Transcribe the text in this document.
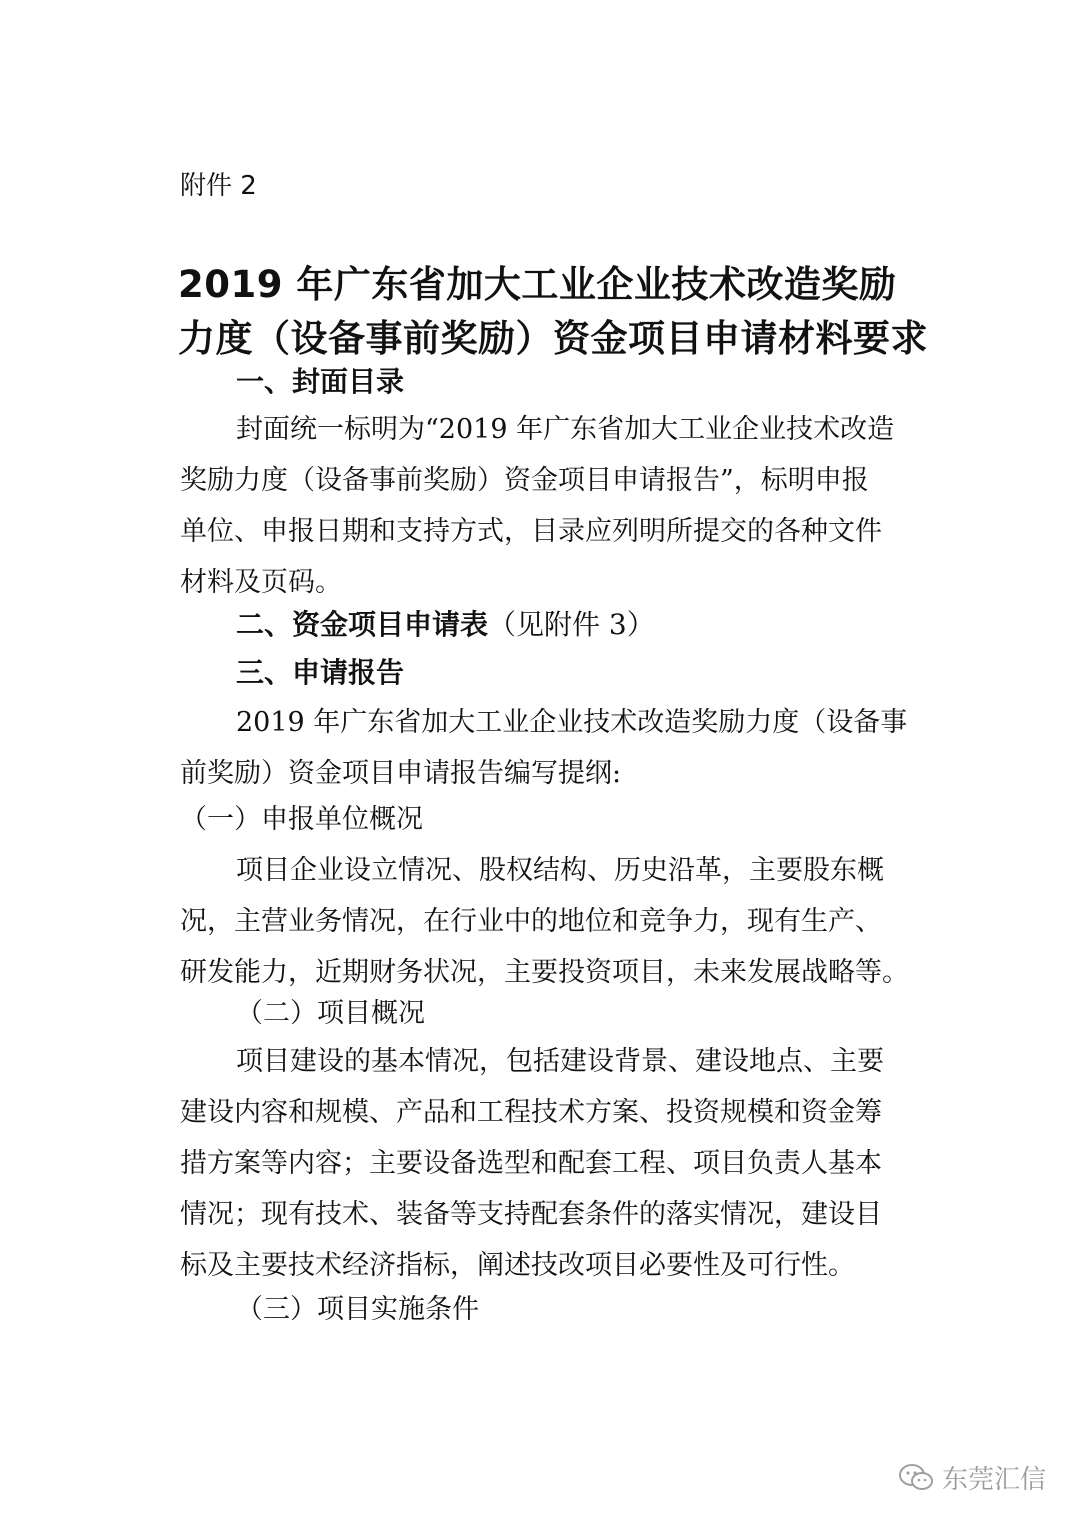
附件 2
2019 年广东省加大工业企业技术改造奖励
力度（设备事前奖励）资金项目申请材料要求
一、封面目录
封面统一标明为“2019 年广东省加大工业企业技术改造
奖励力度（设备事前奖励）资金项目申请报告”，标明申报
单位、申报日期和支持方式，目录应列明所提交的各种文件
材料及页码。
二、资金项目申请表（见附件 3）
三、申请报告
2019 年广东省加大工业企业技术改造奖励力度（设备事
前奖励）资金项目申请报告编写提纲:
（一）申报单位概况
项目企业设立情况、股权结构、历史沿革，主要股东概
况，主营业务情况，在行业中的地位和竞争力，现有生产、
研发能力，近期财务状况，主要投资项目，未来发展战略等。
（二）项目概况
项目建设的基本情况，包括建设背景、建设地点、主要
建设内容和规模、产品和工程技术方案、投资规模和资金筹
措方案等内容；主要设备选型和配套工程、项目负责人基本
情况；现有技术、装备等支持配套条件的落实情况，建设目
标及主要技术经济指标，阐述技改项目必要性及可行性。
（三）项目实施条件
东莞汇信
